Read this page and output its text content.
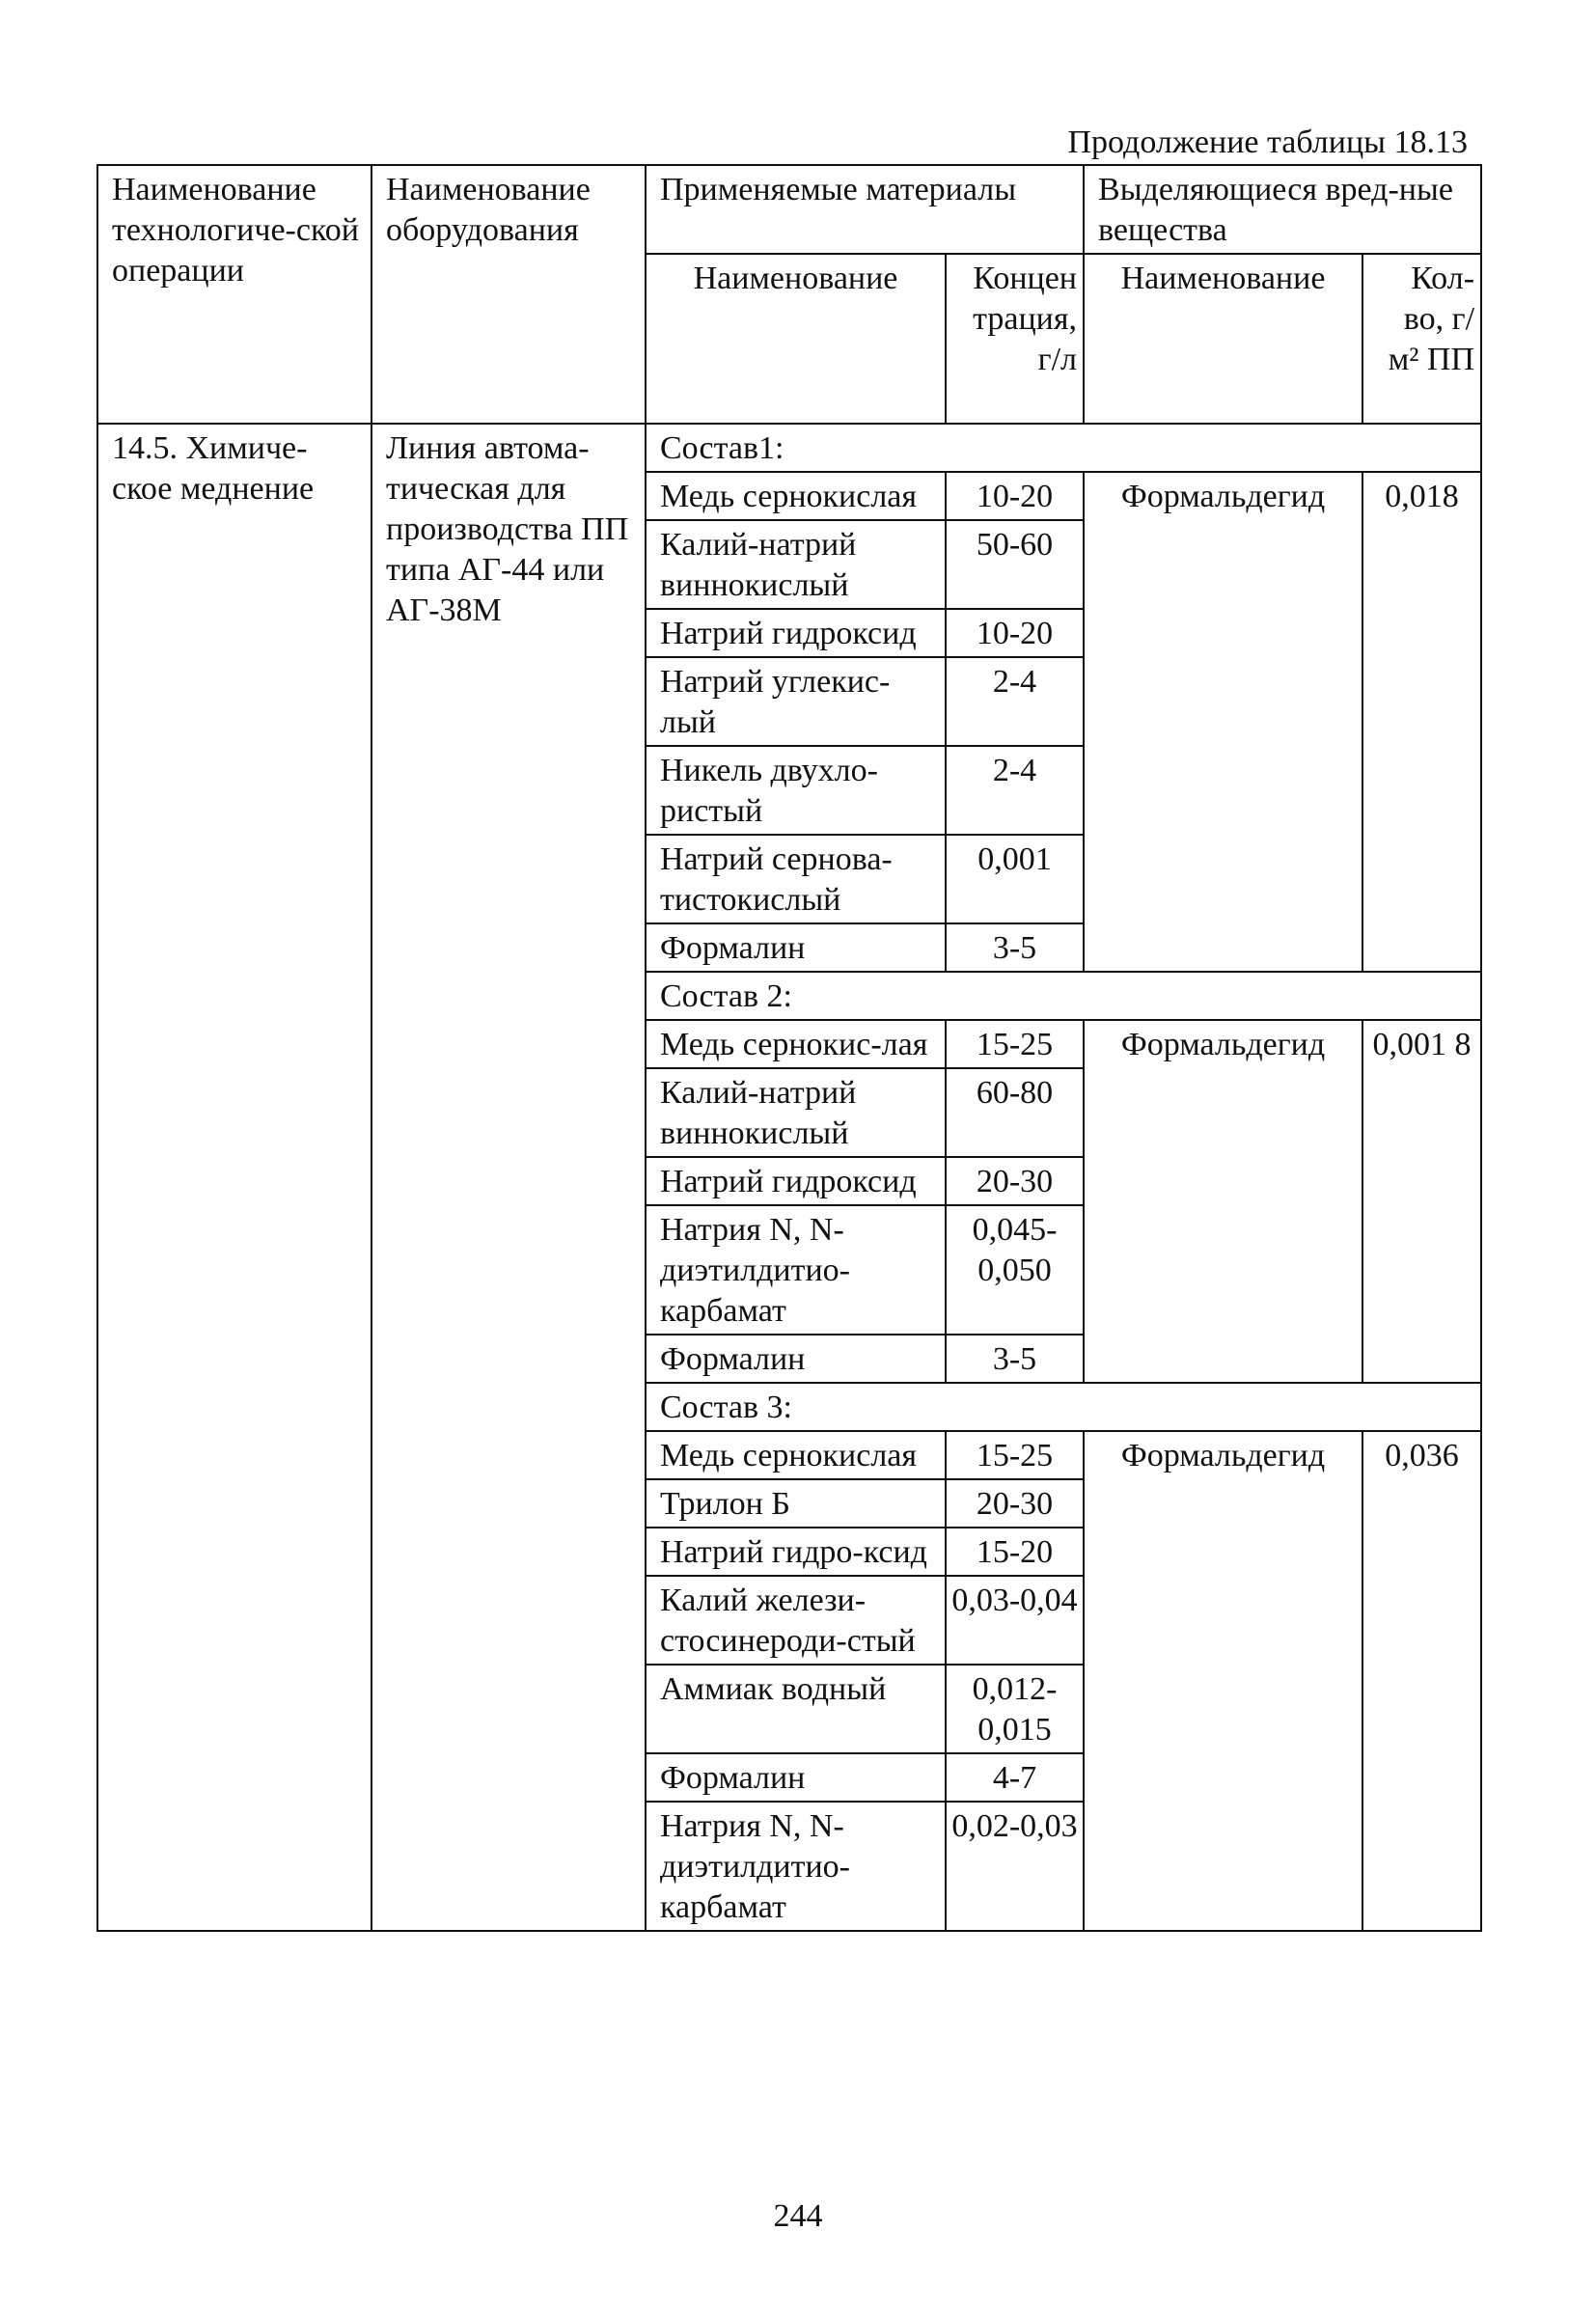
Продолжение таблицы 18.13
Наименование технологиче-ской операции	Наименование оборудования	Применяемые материалы		Выделяющиеся вред-ные вещества	
		Наименование	Концен трация, г/л	Наименование	Кол-во, г/м² ПП
14.5. Химиче-ское меднение	Линия автома-тическая для производства ПП типа АГ-44 или АГ-38М	Состав1:			
		Медь сернокислая	10-20	Формальдегид	0,018
		Калий-натрий виннокислый	50-60		
		Натрий гидроксид	10-20		
		Натрий углекис-лый	2-4		
		Никель двухло-ристый	2-4		
		Натрий сернова-тистокислый	0,001		
		Формалин	3-5		
		Состав 2:			
		Медь сернокис-лая	15-25	Формальдегид	0,001 8
		Калий-натрий виннокислый	60-80		
		Натрий гидроксид	20-30		
		Натрия N, N-диэтилдитио-карбамат	0,045-0,050		
		Формалин	3-5		
		Состав 3:			
		Медь сернокислая	15-25	Формальдегид	0,036
		Трилон Б	20-30		
		Натрий гидро-ксид	15-20		
		Калий желези-стосинероди-стый	0,03-0,04		
		Аммиак водный	0,012-0,015		
		Формалин	4-7		
		Натрия N, N-диэтилдитио-карбамат	0,02-0,03		
244
